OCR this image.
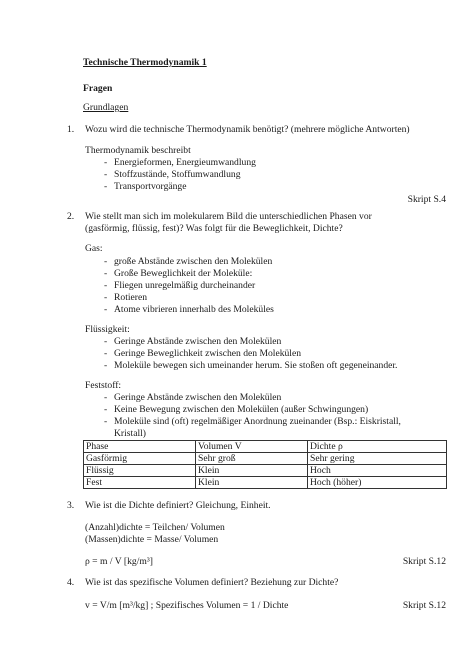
Technische Thermodynamik 1
Fragen
Grundlagen
1. Wozu wird die technische Thermodynamik benötigt? (mehrere mögliche Antworten)
Thermodynamik beschreibt
- Energieformen, Energieumwandlung
- Stoffzustände, Stoffumwandlung
- Transportvorgänge
Skript S.4
2. Wie stellt man sich im molekularem Bild die unterschiedlichen Phasen vor
(gasförmig, flüssig, fest)? Was folgt für die Beweglichkeit, Dichte?
Gas:
- große Abstände zwischen den Molekülen
- Große Beweglichkeit der Moleküle:
- Fliegen unregelmäßig durcheinander
- Rotieren
- Atome vibrieren innerhalb des Moleküles
Flüssigkeit:
- Geringe Abstände zwischen den Molekülen
- Geringe Beweglichkeit zwischen den Molekülen
- Moleküle bewegen sich umeinander herum. Sie stoßen oft gegeneinander.
Feststoff:
- Geringe Abstände zwischen den Molekülen
- Keine Bewegung zwischen den Molekülen (außer Schwingungen)
- Moleküle sind (oft) regelmäßiger Anordnung zueinander (Bsp.: Eiskristall,
Kristall)
Phase	Volumen V	Dichte ρ
Gasförmig	Sehr groß	Sehr gering
Flüssig	Klein	Hoch
Fest	Klein	Hoch (höher)
3. Wie ist die Dichte definiert? Gleichung, Einheit.
(Anzahl)dichte = Teilchen/ Volumen
(Massen)dichte = Masse/ Volumen
ρ = m / V [kg/m³]	Skript S.12
4. Wie ist das spezifische Volumen definiert? Beziehung zur Dichte?
v = V/m [m³/kg] ; Spezifisches Volumen = 1 / Dichte	Skript S.12
